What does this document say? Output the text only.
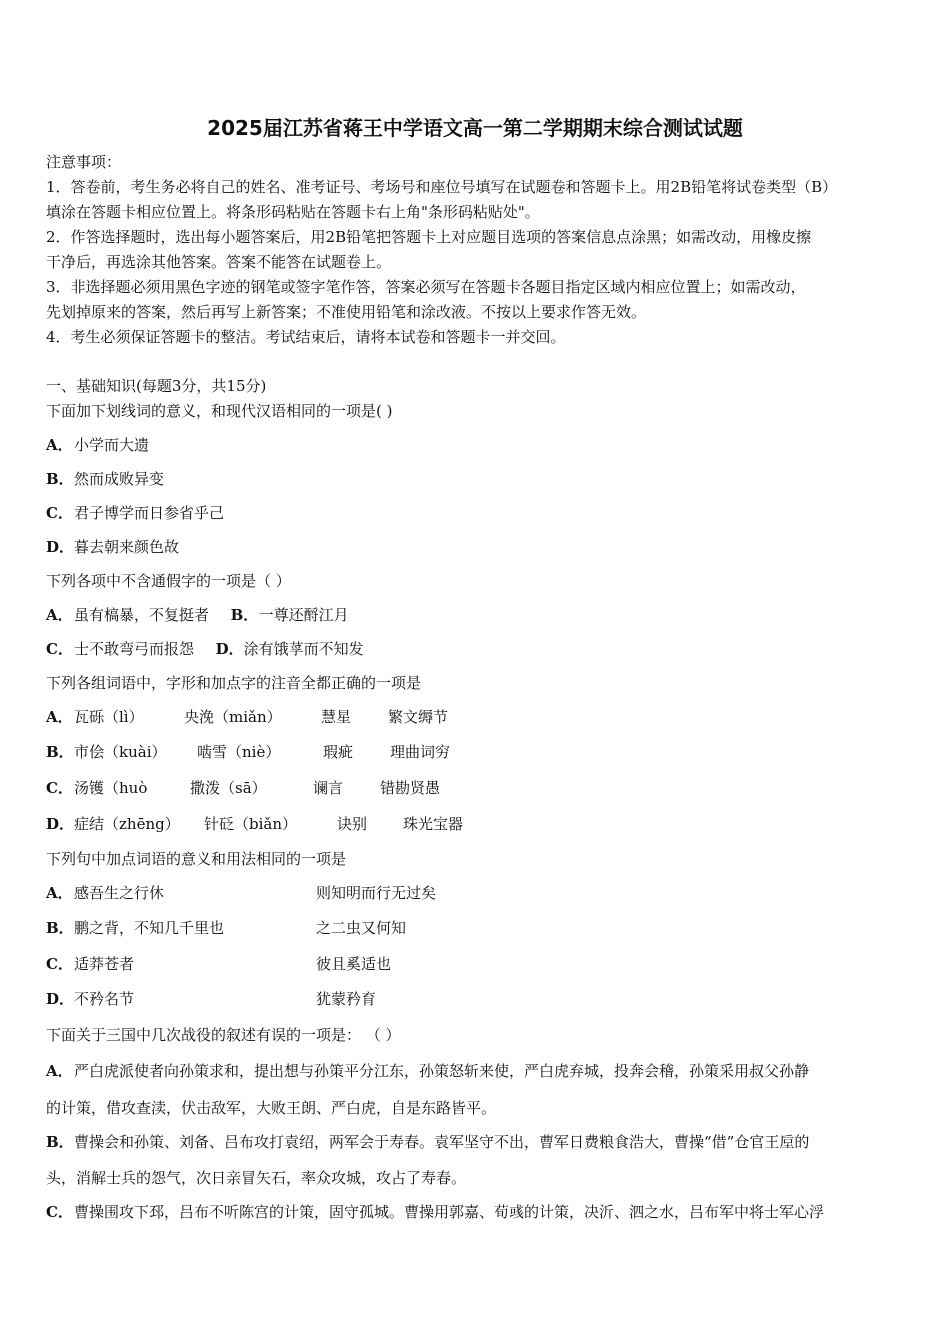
2025届江苏省蒋王中学语文高一第二学期期末综合测试试题
注意事项：
1．答卷前，考生务必将自己的姓名、准考证号、考场号和座位号填写在试题卷和答题卡上。用2B铅笔将试卷类型（B）
填涂在答题卡相应位置上。将条形码粘贴在答题卡右上角"条形码粘贴处"。
2．作答选择题时，选出每小题答案后，用2B铅笔把答题卡上对应题目选项的答案信息点涂黑；如需改动，用橡皮擦
干净后，再选涂其他答案。答案不能答在试题卷上。
3．非选择题必须用黑色字迹的钢笔或签字笔作答，答案必须写在答题卡各题目指定区域内相应位置上；如需改动，
先划掉原来的答案，然后再写上新答案；不准使用铅笔和涂改液。不按以上要求作答无效。
4．考生必须保证答题卡的整洁。考试结束后，请将本试卷和答题卡一并交回。
一、基础知识(每题3分，共15分)
下面加下划线词的意义，和现代汉语相同的一项是( )
A．小学而大遗
B．然而成败异变
C．君子博学而日参省乎己
D．暮去朝来颜色故
下列各项中不含通假字的一项是（ ）
A．虽有槁暴，不复挺者 B．一尊还酹江月
C．士不敢弯弓而报怨 D．涂有饿莩而不知发
下列各组词语中，字形和加点字的注音全都正确的一项是
A． 瓦砾（lì）	央浼（miǎn）	慧星 繁文缛节
B． 市侩（kuài） 啮雪（niè）	瑕疵 理曲词穷
C． 汤镬（huò	撒泼（sā）	谰言 错勘贤愚
D． 症结（zhēng） 针砭（biǎn）	诀别 珠光宝器
下列句中加点词语的意义和用法相同的一项是
A．感吾生之行休	则知明而行无过矣
B．鹏之背，不知几千里也	之二虫又何知
C．适莽苍者	彼且奚适也
D．不矜名节	犹蒙矜育
下面关于三国中几次战役的叙述有误的一项是： （ ）
A．严白虎派使者向孙策求和，提出想与孙策平分江东，孙策怒斩来使，严白虎弃城，投奔会稽，孙策采用叔父孙静
的计策，借攻查渎，伏击敌军，大败王朗、严白虎，自是东路皆平。
B．曹操会和孙策、刘备、吕布攻打袁绍，两军会于寿春。袁军坚守不出，曹军日费粮食浩大，曹操“借”仓官王垕的
头，消解士兵的怨气，次日亲冒矢石，率众攻城，攻占了寿春。
C．曹操围攻下邳，吕布不听陈宫的计策，固守孤城。曹操用郭嘉、荀彧的计策，决沂、泗之水，吕布军中将士军心浮
